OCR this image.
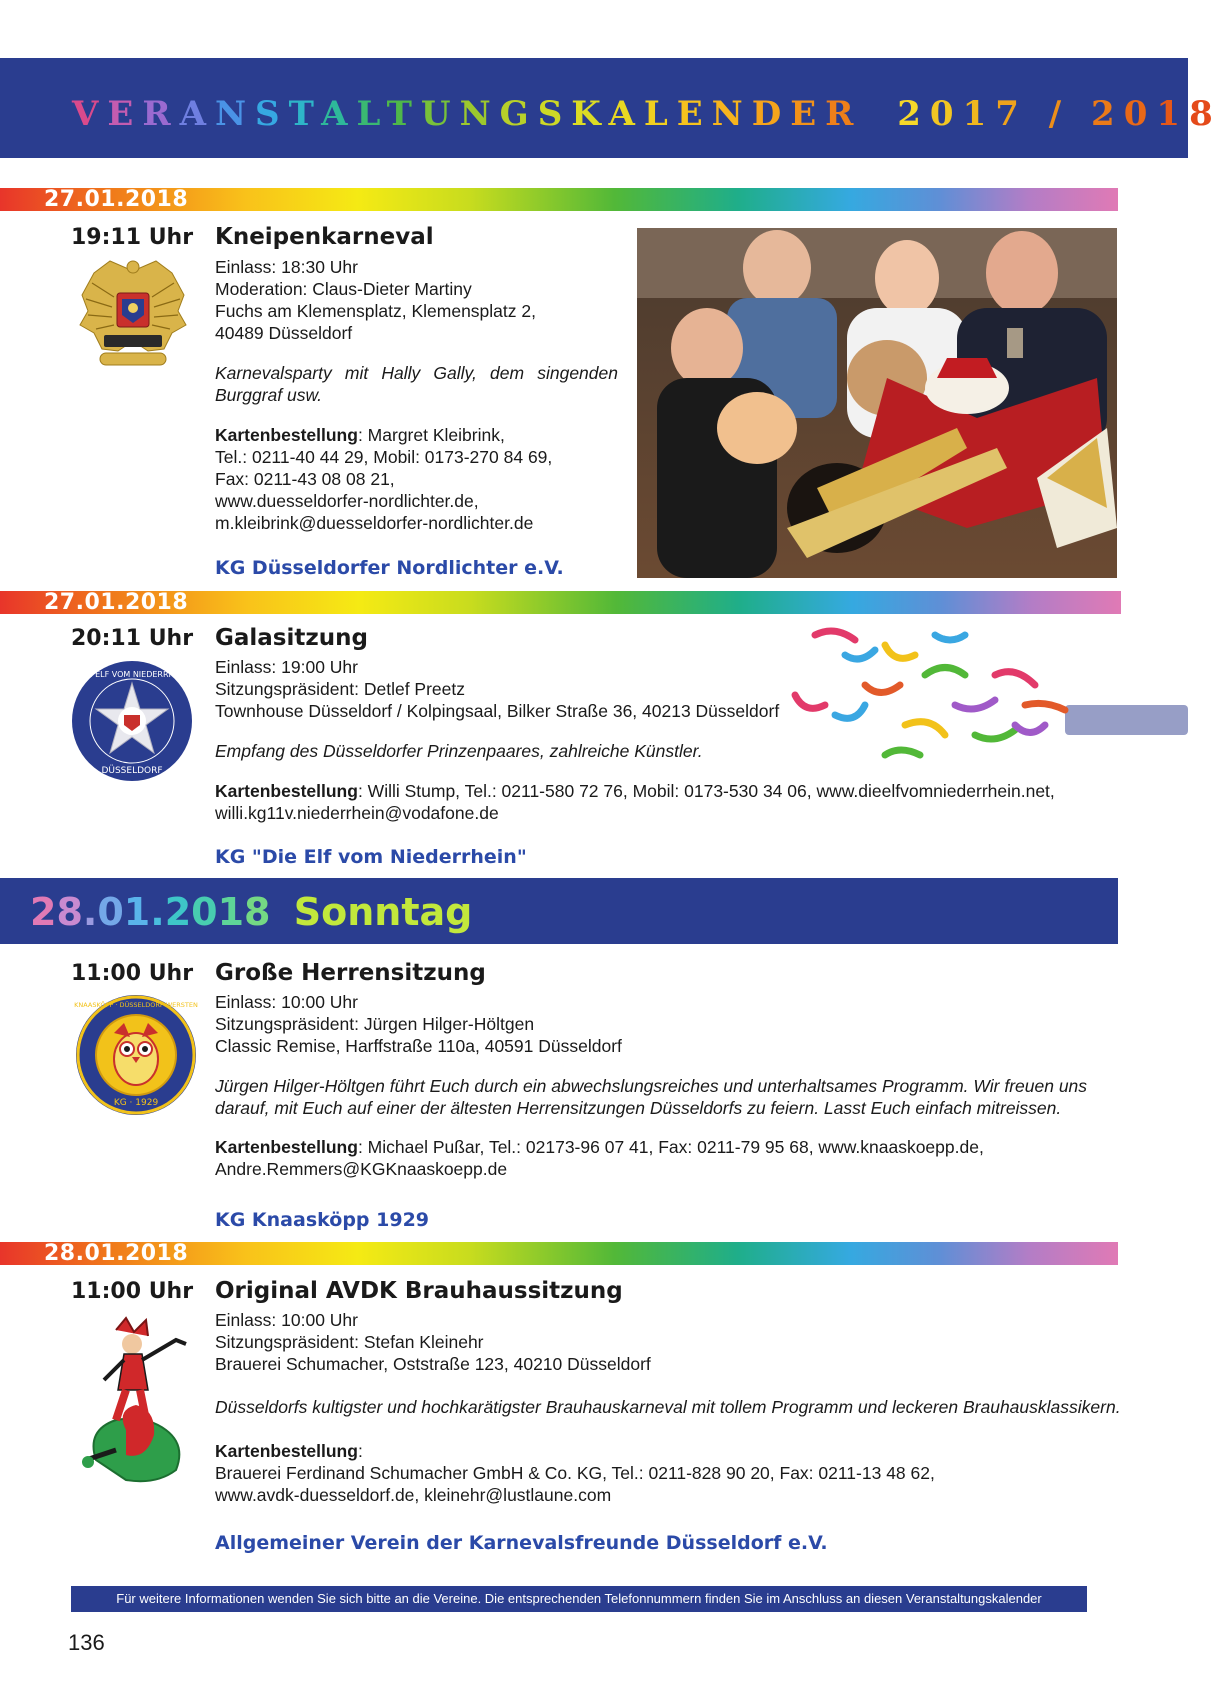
VERANSTALTUNGSKALENDER 2017 / 2018
27.01.2018
19:11 Uhr Kneipenkarneval
Einlass: 18:30 Uhr
Moderation: Claus-Dieter Martiny
Fuchs am Klemensplatz, Klemensplatz 2,
40489 Düsseldorf
Karnevalsparty mit Hally Gally, dem singenden Burggraf usw.
Kartenbestellung: Margret Kleibrink,
Tel.: 0211-40 44 29, Mobil: 0173-270 84 69,
Fax: 0211-43 08 08 21,
www.duesseldorfer-nordlichter.de,
m.kleibrink@duesseldorfer-nordlichter.de
KG Düsseldorfer Nordlichter e.V.
27.01.2018
20:11 Uhr Galasitzung
Einlass: 19:00 Uhr
Sitzungspräsident: Detlef Preetz
Townhouse Düsseldorf / Kolpingsaal, Bilker Straße 36, 40213 Düsseldorf
Empfang des Düsseldorfer Prinzenpaares, zahlreiche Künstler.
Kartenbestellung: Willi Stump, Tel.: 0211-580 72 76, Mobil: 0173-530 34 06, www.dieelfvomniederrhein.net,
willi.kg11v.niederrhein@vodafone.de
KG "Die Elf vom Niederrhein"
K.G. ELF VOM NIEDERRHEIN
DÜSSELDORF
28.01.2018 Sonntag
11:00 Uhr Große Herrensitzung
Einlass: 10:00 Uhr
Sitzungspräsident: Jürgen Hilger-Höltgen
Classic Remise, Harffstraße 110a, 40591 Düsseldorf
Jürgen Hilger-Höltgen führt Euch durch ein abwechslungsreiches und unterhaltsames Programm. Wir freuen uns darauf, mit Euch auf einer der ältesten Herrensitzungen Düsseldorfs zu feiern. Lasst Euch einfach mitreissen.
Kartenbestellung: Michael Pußar, Tel.: 02173-96 07 41, Fax: 0211-79 95 68, www.knaaskoepp.de,
Andre.Remmers@KGKnaaskoepp.de
KG Knaasköpp 1929
KG · 1929
KNAASKÖPP · DÜSSELDORF-WERSTEN
28.01.2018
11:00 Uhr Original AVDK Brauhaussitzung
Einlass: 10:00 Uhr
Sitzungspräsident: Stefan Kleinehr
Brauerei Schumacher, Oststraße 123, 40210 Düsseldorf
Düsseldorfs kultigster und hochkarätigster Brauhauskarneval mit tollem Programm und leckeren Brauhausklassikern.
Kartenbestellung:
Brauerei Ferdinand Schumacher GmbH & Co. KG, Tel.: 0211-828 90 20, Fax: 0211-13 48 62,
www.avdk-duesseldorf.de, kleinehr@lustlaune.com
Allgemeiner Verein der Karnevalsfreunde Düsseldorf e.V.
Für weitere Informationen wenden Sie sich bitte an die Vereine. Die entsprechenden Telefonnummern finden Sie im Anschluss an diesen Veranstaltungskalender
136
